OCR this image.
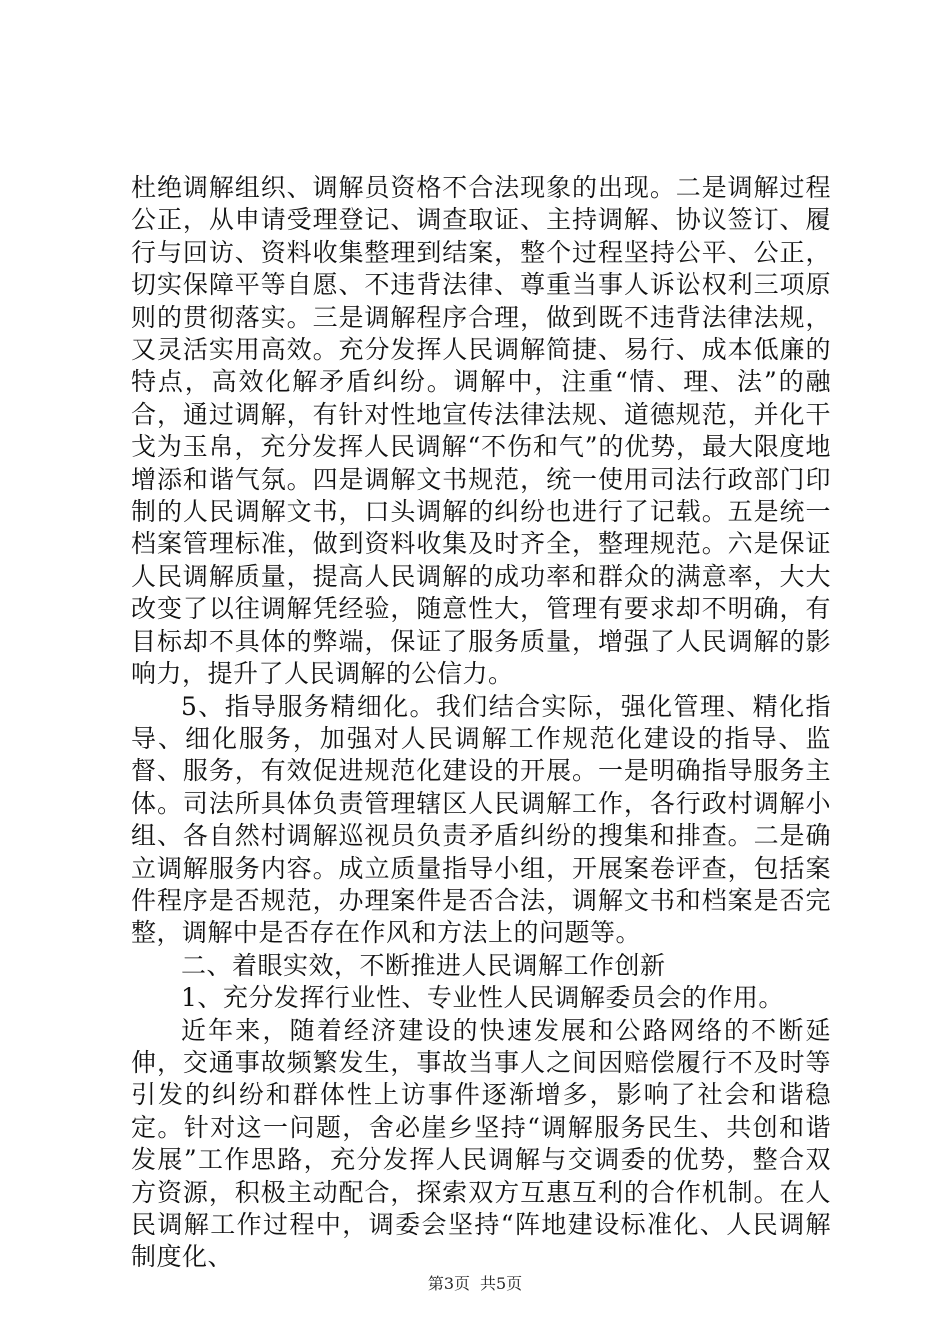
杜绝调解组织、调解员资格不合法现象的出现。二是调解过程公正，从申请受理登记、调查取证、主持调解、协议签订、履行与回访、资料收集整理到结案，整个过程坚持公平、公正，切实保障平等自愿、不违背法律、尊重当事人诉讼权利三项原则的贯彻落实。三是调解程序合理，做到既不违背法律法规，又灵活实用高效。充分发挥人民调解简捷、易行、成本低廉的特点，高效化解矛盾纠纷。调解中，注重“情、理、法”的融合，通过调解，有针对性地宣传法律法规、道德规范，并化干戈为玉帛，充分发挥人民调解“不伤和气”的优势，最大限度地增添和谐气氛。四是调解文书规范，统一使用司法行政部门印制的人民调解文书，口头调解的纠纷也进行了记载。五是统一档案管理标准，做到资料收集及时齐全，整理规范。六是保证人民调解质量，提高人民调解的成功率和群众的满意率，大大改变了以往调解凭经验，随意性大，管理有要求却不明确，有目标却不具体的弊端，保证了服务质量，增强了人民调解的影响力，提升了人民调解的公信力。

5、指导服务精细化。我们结合实际，强化管理、精化指导、细化服务，加强对人民调解工作规范化建设的指导、监督、服务，有效促进规范化建设的开展。一是明确指导服务主体。司法所具体负责管理辖区人民调解工作，各行政村调解小组、各自然村调解巡视员负责矛盾纠纷的搜集和排查。二是确立调解服务内容。成立质量指导小组，开展案卷评查，包括案件程序是否规范，办理案件是否合法，调解文书和档案是否完整，调解中是否存在作风和方法上的问题等。

二、着眼实效，不断推进人民调解工作创新

1、充分发挥行业性、专业性人民调解委员会的作用。

近年来，随着经济建设的快速发展和公路网络的不断延伸，交通事故频繁发生，事故当事人之间因赔偿履行不及时等引发的纠纷和群体性上访事件逐渐增多，影响了社会和谐稳定。针对这一问题，舍必崖乡坚持“调解服务民生、共创和谐发展”工作思路，充分发挥人民调解与交调委的优势，整合双方资源，积极主动配合，探索双方互惠互利的合作机制。在人民调解工作过程中，调委会坚持“阵地建设标准化、人民调解制度化、

第3页 共5页
